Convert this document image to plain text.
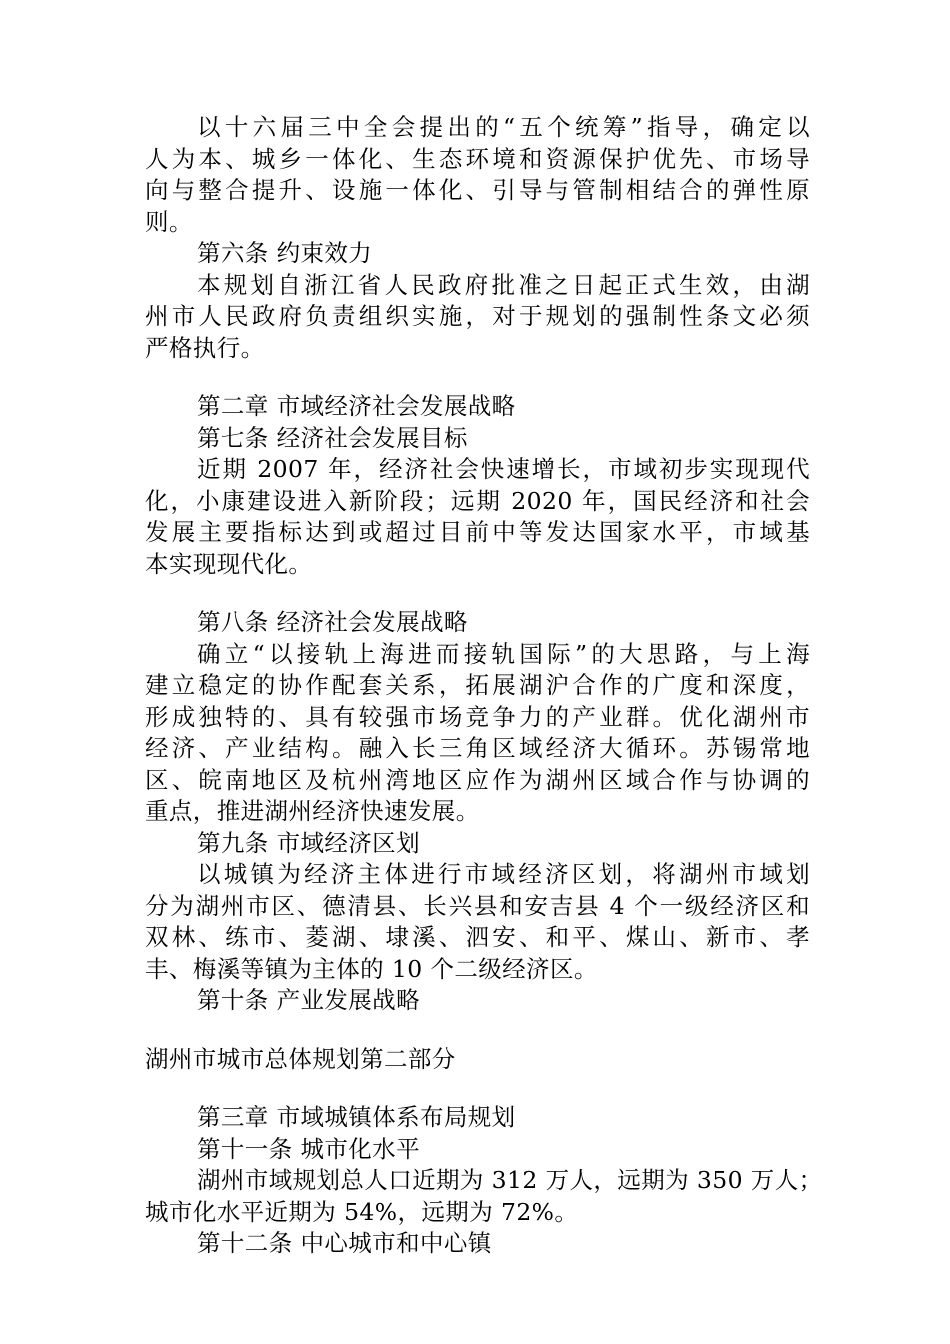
以十六届三中全会提出的“五个统筹”指导，确定以
人为本、城乡一体化、生态环境和资源保护优先、市场导
向与整合提升、设施一体化、引导与管制相结合的弹性原
则。
第六条 约束效力
本规划自浙江省人民政府批准之日起正式生效，由湖
州市人民政府负责组织实施，对于规划的强制性条文必须
严格执行。
第二章 市域经济社会发展战略
第七条 经济社会发展目标
近期 2007 年，经济社会快速增长，市域初步实现现代
化，小康建设进入新阶段；远期 2020 年，国民经济和社会
发展主要指标达到或超过目前中等发达国家水平，市域基
本实现现代化。
第八条 经济社会发展战略
确立“以接轨上海进而接轨国际”的大思路，与上海
建立稳定的协作配套关系，拓展湖沪合作的广度和深度，
形成独特的、具有较强市场竞争力的产业群。优化湖州市
经济、产业结构。融入长三角区域经济大循环。苏锡常地
区、皖南地区及杭州湾地区应作为湖州区域合作与协调的
重点，推进湖州经济快速发展。
第九条 市域经济区划
以城镇为经济主体进行市域经济区划，将湖州市域划
分为湖州市区、德清县、长兴县和安吉县 4 个一级经济区和
双林、练市、菱湖、埭溪、泗安、和平、煤山、新市、孝
丰、梅溪等镇为主体的 10 个二级经济区。
第十条 产业发展战略
湖州市城市总体规划第二部分
第三章 市域城镇体系布局规划
第十一条 城市化水平
湖州市域规划总人口近期为 312 万人，远期为 350 万人；
城市化水平近期为 54%，远期为 72%。
第十二条 中心城市和中心镇
